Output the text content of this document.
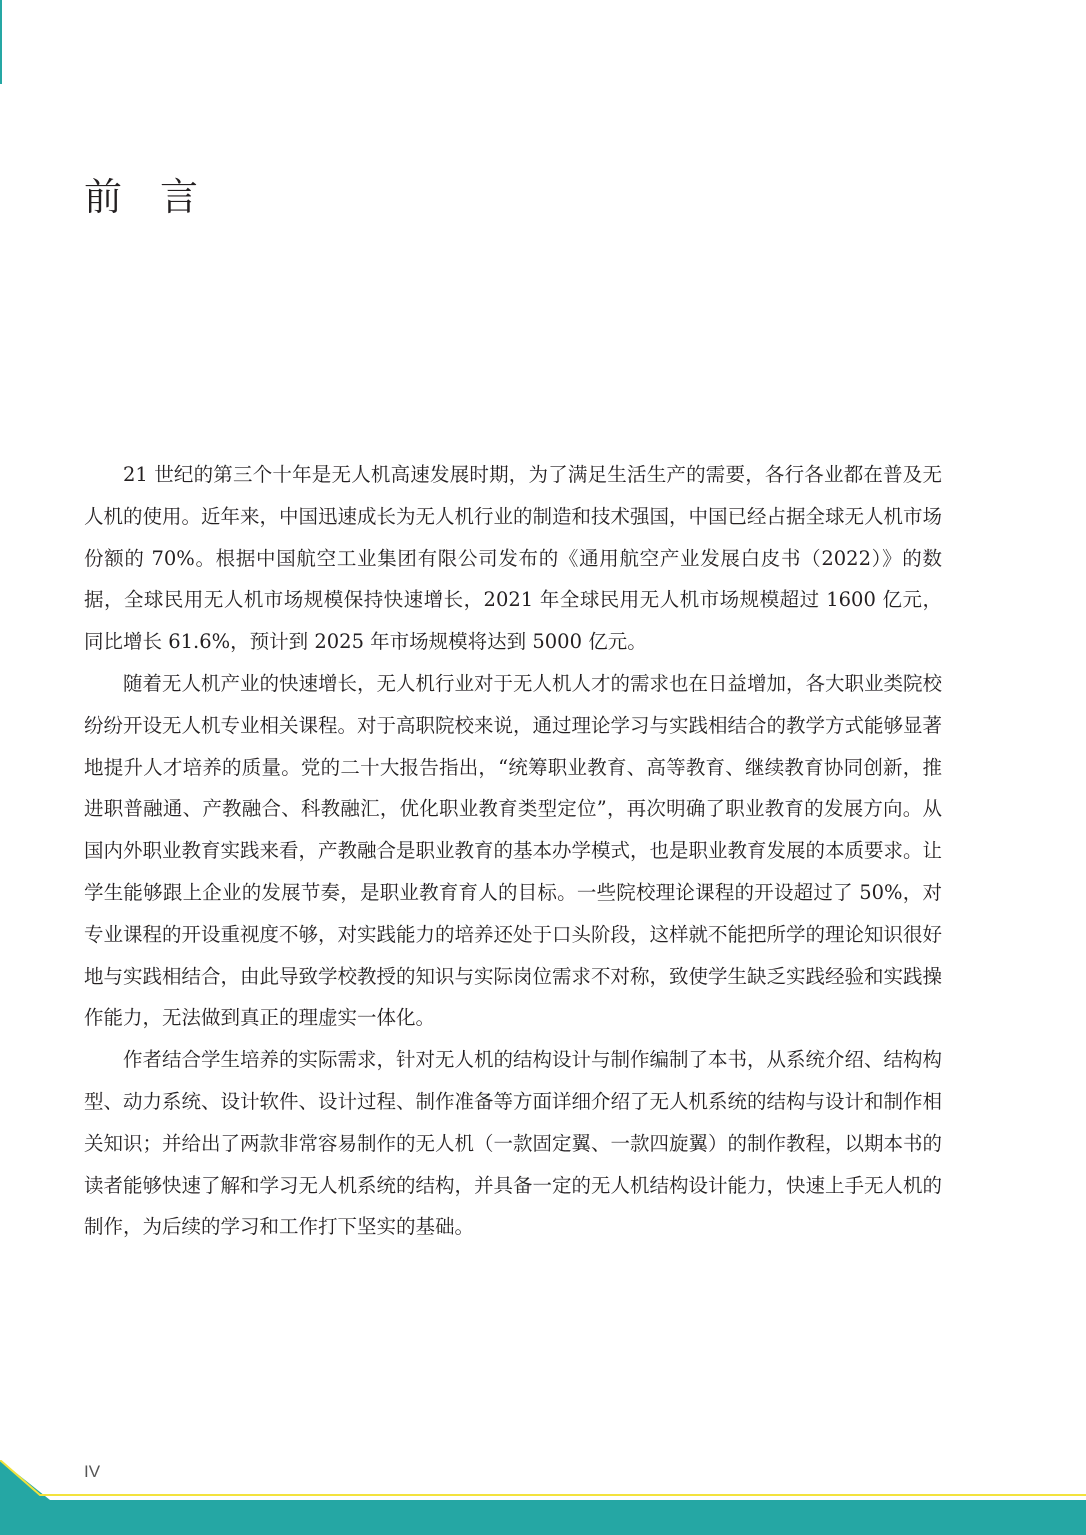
前言

21 世纪的第三个十年是无人机高速发展时期，为了满足生活生产的需要，各行各业都在普及无人机的使用。近年来，中国迅速成长为无人机行业的制造和技术强国，中国已经占据全球无人机市场份额的 70%。根据中国航空工业集团有限公司发布的《通用航空产业发展白皮书（2022）》的数据，全球民用无人机市场规模保持快速增长，2021 年全球民用无人机市场规模超过 1600 亿元，同比增长 61.6%，预计到 2025 年市场规模将达到 5000 亿元。

随着无人机产业的快速增长，无人机行业对于无人机人才的需求也在日益增加，各大职业类院校纷纷开设无人机专业相关课程。对于高职院校来说，通过理论学习与实践相结合的教学方式能够显著地提升人才培养的质量。党的二十大报告指出，“统筹职业教育、高等教育、继续教育协同创新，推进职普融通、产教融合、科教融汇，优化职业教育类型定位”，再次明确了职业教育的发展方向。从国内外职业教育实践来看，产教融合是职业教育的基本办学模式，也是职业教育发展的本质要求。让学生能够跟上企业的发展节奏，是职业教育育人的目标。一些院校理论课程的开设超过了 50%，对专业课程的开设重视度不够，对实践能力的培养还处于口头阶段，这样就不能把所学的理论知识很好地与实践相结合，由此导致学校教授的知识与实际岗位需求不对称，致使学生缺乏实践经验和实践操作能力，无法做到真正的理虚实一体化。

作者结合学生培养的实际需求，针对无人机的结构设计与制作编制了本书，从系统介绍、结构构型、动力系统、设计软件、设计过程、制作准备等方面详细介绍了无人机系统的结构与设计和制作相关知识；并给出了两款非常容易制作的无人机（一款固定翼、一款四旋翼）的制作教程，以期本书的读者能够快速了解和学习无人机系统的结构，并具备一定的无人机结构设计能力，快速上手无人机的制作，为后续的学习和工作打下坚实的基础。

IV
